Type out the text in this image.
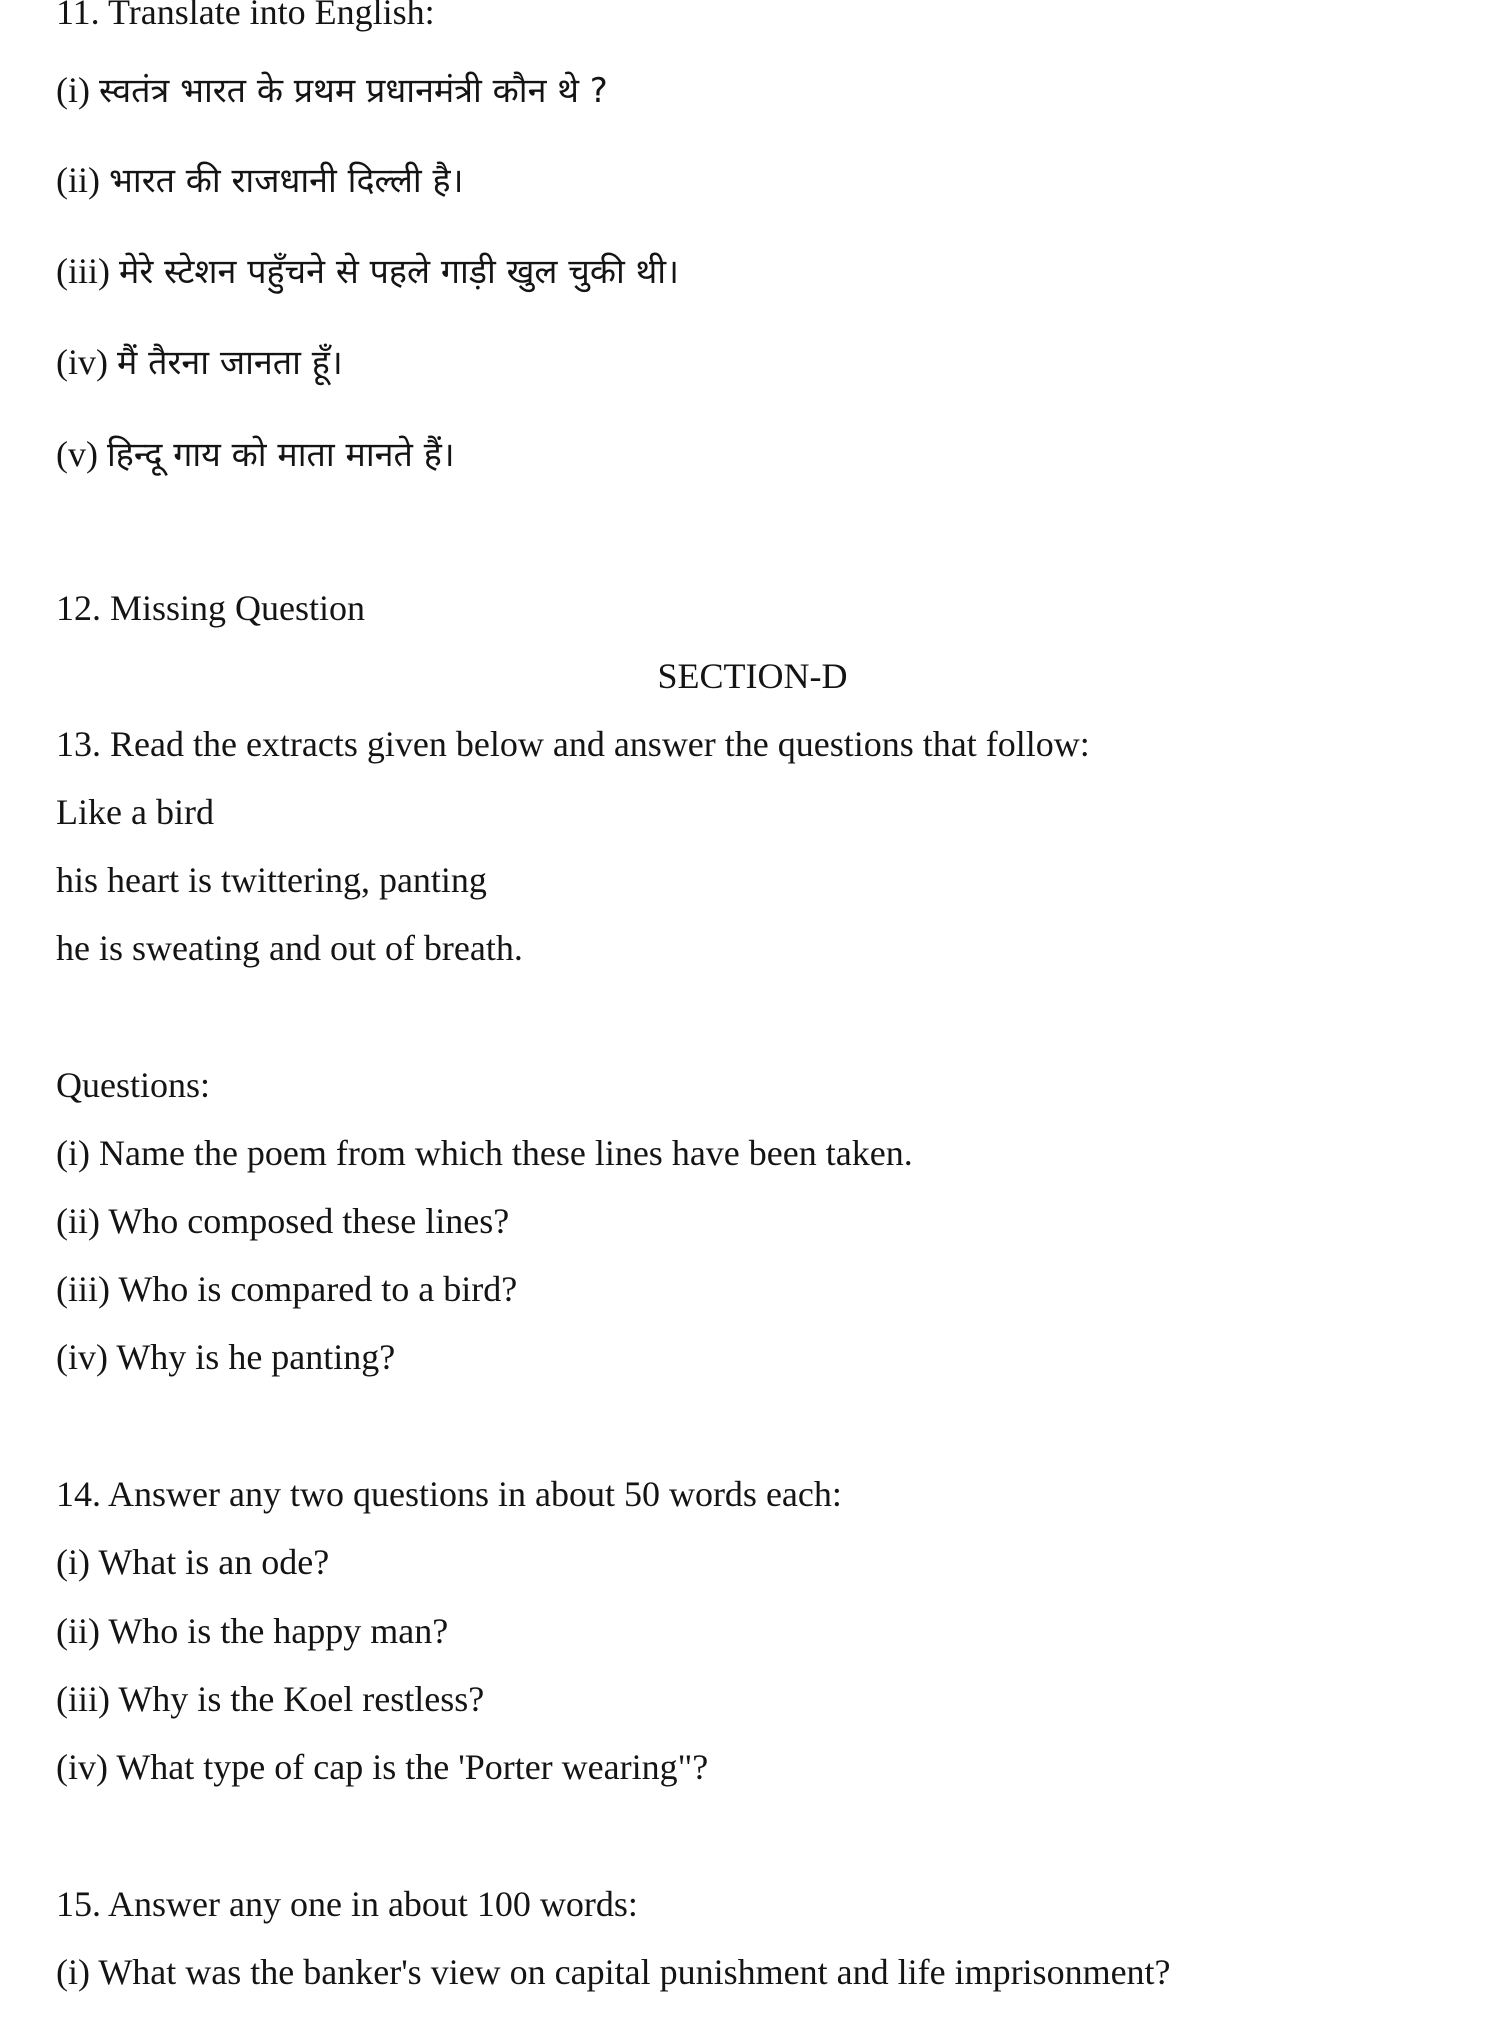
11. Translate into English:
(i) स्वतंत्र भारत के प्रथम प्रधानमंत्री कौन थे ?
(ii) भारत की राजधानी दिल्ली है।
(iii) मेरे स्टेशन पहुँचने से पहले गाड़ी खुल चुकी थी।
(iv) मैं तैरना जानता हूँ।
(v) हिन्दू गाय को माता मानते हैं।
12. Missing Question
SECTION-D
13. Read the extracts given below and answer the questions that follow:
Like a bird
his heart is twittering, panting
he is sweating and out of breath.
Questions:
(i) Name the poem from which these lines have been taken.
(ii) Who composed these lines?
(iii) Who is compared to a bird?
(iv) Why is he panting?
14. Answer any two questions in about 50 words each:
(i) What is an ode?
(ii) Who is the happy man?
(iii) Why is the Koel restless?
(iv) What type of cap is the 'Porter wearing"?
15. Answer any one in about 100 words:
(i) What was the banker's view on capital punishment and life imprisonment?
